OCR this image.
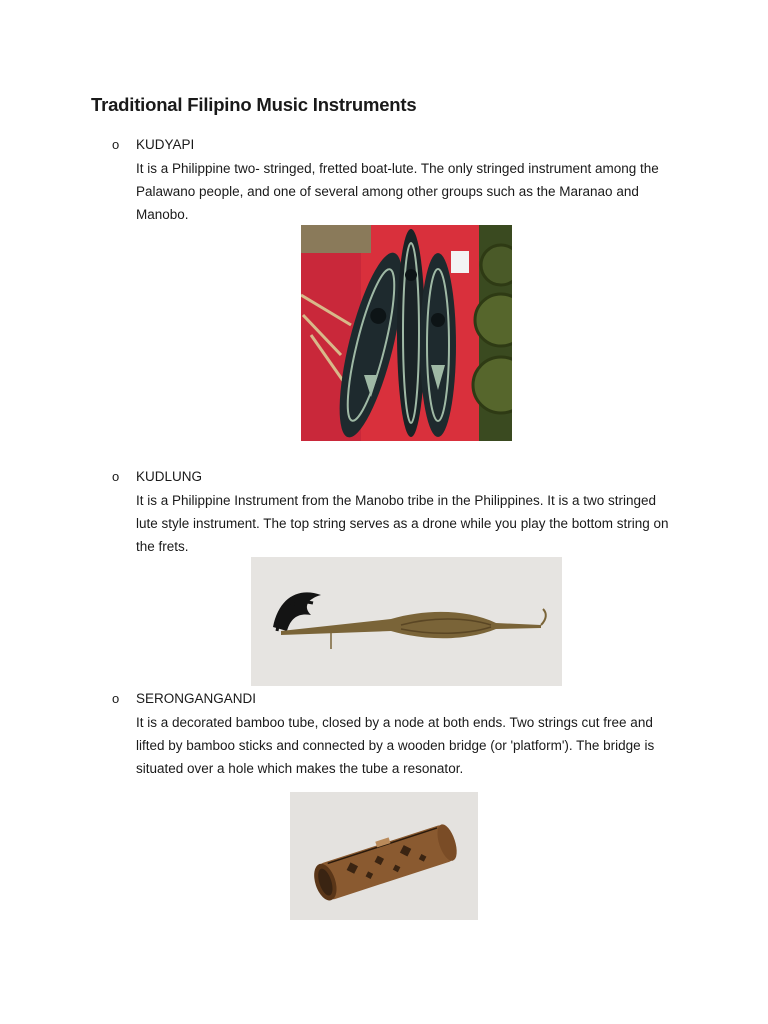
Traditional Filipino Music Instruments
o KUDYAPI

It is a Philippine two- stringed, fretted boat-lute. The only stringed instrument among the Palawano people, and one of several among other groups such as the Maranao and Manobo.

o KUDLUNG

It is a Philippine Instrument from the Manobo tribe in the Philippines. It is a two stringed lute style instrument. The top string serves as a drone while you play the bottom string on the frets.

o SERONGANGANDI

It is a decorated bamboo tube, closed by a node at both ends. Two strings cut free and lifted by bamboo sticks and connected by a wooden bridge (or 'platform'). The bridge is situated over a hole which makes the tube a resonator.
